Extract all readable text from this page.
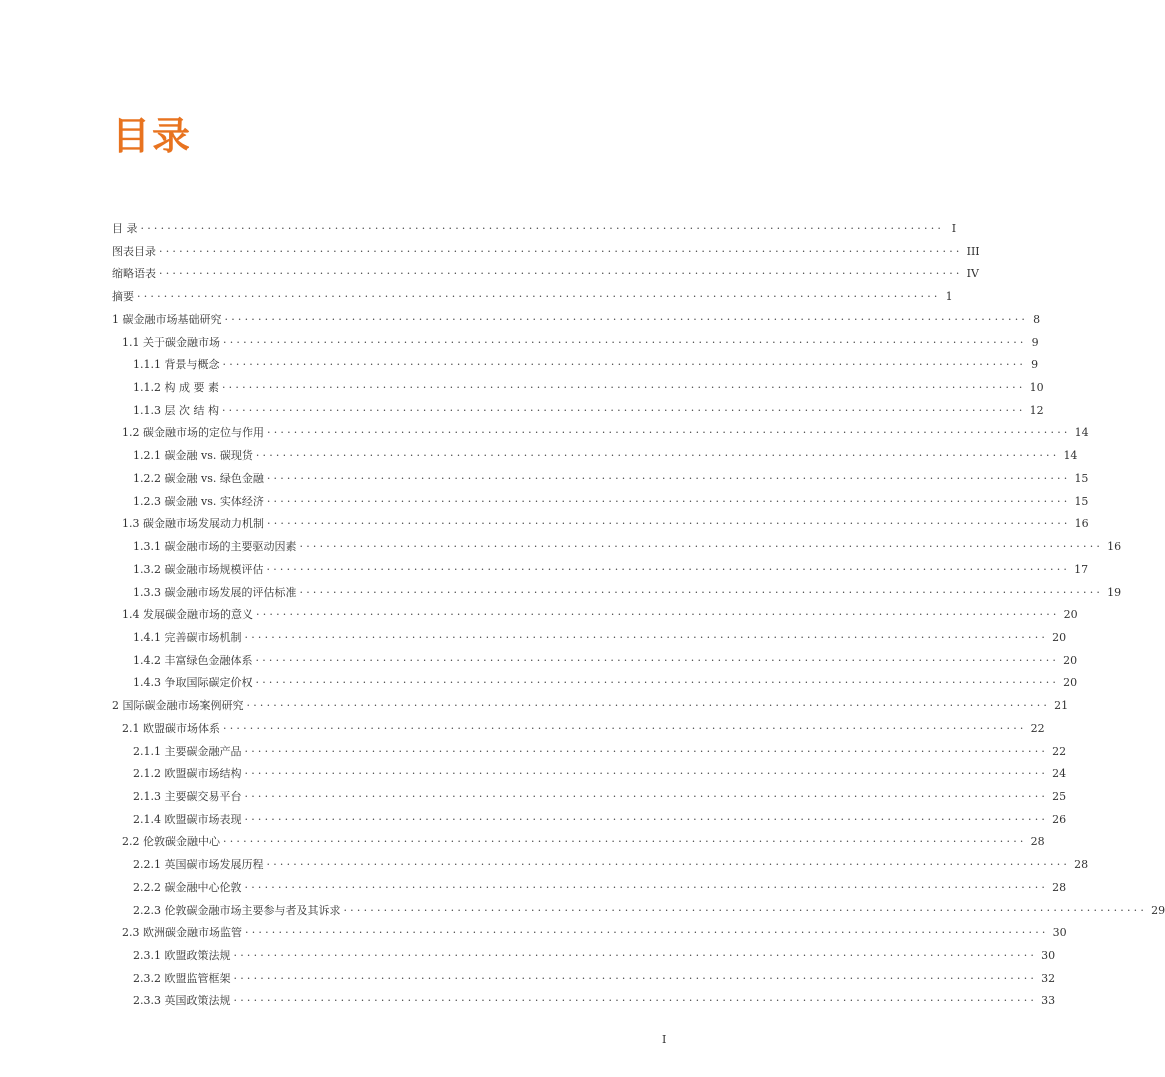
目录
目 录 ························································································································ I
图表目录 ························································································································ III
缩略语表 ························································································································ IV
摘要 ························································································································ 1
1 碳金融市场基础研究 ························································································································ 8
1.1 关于碳金融市场 ························································································································ 9
1.1.1 背景与概念 ························································································································ 9
1.1.2 构 成 要 素 ························································································································ 10
1.1.3 层 次 结 构 ························································································································ 12
1.2 碳金融市场的定位与作用 ························································································································ 14
1.2.1 碳金融 vs. 碳现货 ························································································································ 14
1.2.2 碳金融 vs. 绿色金融 ························································································································ 15
1.2.3 碳金融 vs. 实体经济 ························································································································ 15
1.3 碳金融市场发展动力机制 ························································································································ 16
1.3.1 碳金融市场的主要驱动因素 ························································································································ 16
1.3.2 碳金融市场规模评估 ························································································································ 17
1.3.3 碳金融市场发展的评估标准 ························································································································ 19
1.4 发展碳金融市场的意义 ························································································································ 20
1.4.1 完善碳市场机制 ························································································································ 20
1.4.2 丰富绿色金融体系 ························································································································ 20
1.4.3 争取国际碳定价权 ························································································································ 20
2 国际碳金融市场案例研究 ························································································································ 21
2.1 欧盟碳市场体系 ························································································································ 22
2.1.1 主要碳金融产品 ························································································································ 22
2.1.2 欧盟碳市场结构 ························································································································ 24
2.1.3 主要碳交易平台 ························································································································ 25
2.1.4 欧盟碳市场表现 ························································································································ 26
2.2 伦敦碳金融中心 ························································································································ 28
2.2.1 英国碳市场发展历程 ························································································································ 28
2.2.2 碳金融中心伦敦 ························································································································ 28
2.2.3 伦敦碳金融市场主要参与者及其诉求 ························································································································ 29
2.3 欧洲碳金融市场监管 ························································································································ 30
2.3.1 欧盟政策法规 ························································································································ 30
2.3.2 欧盟监管框架 ························································································································ 32
2.3.3 英国政策法规 ························································································································ 33
I
